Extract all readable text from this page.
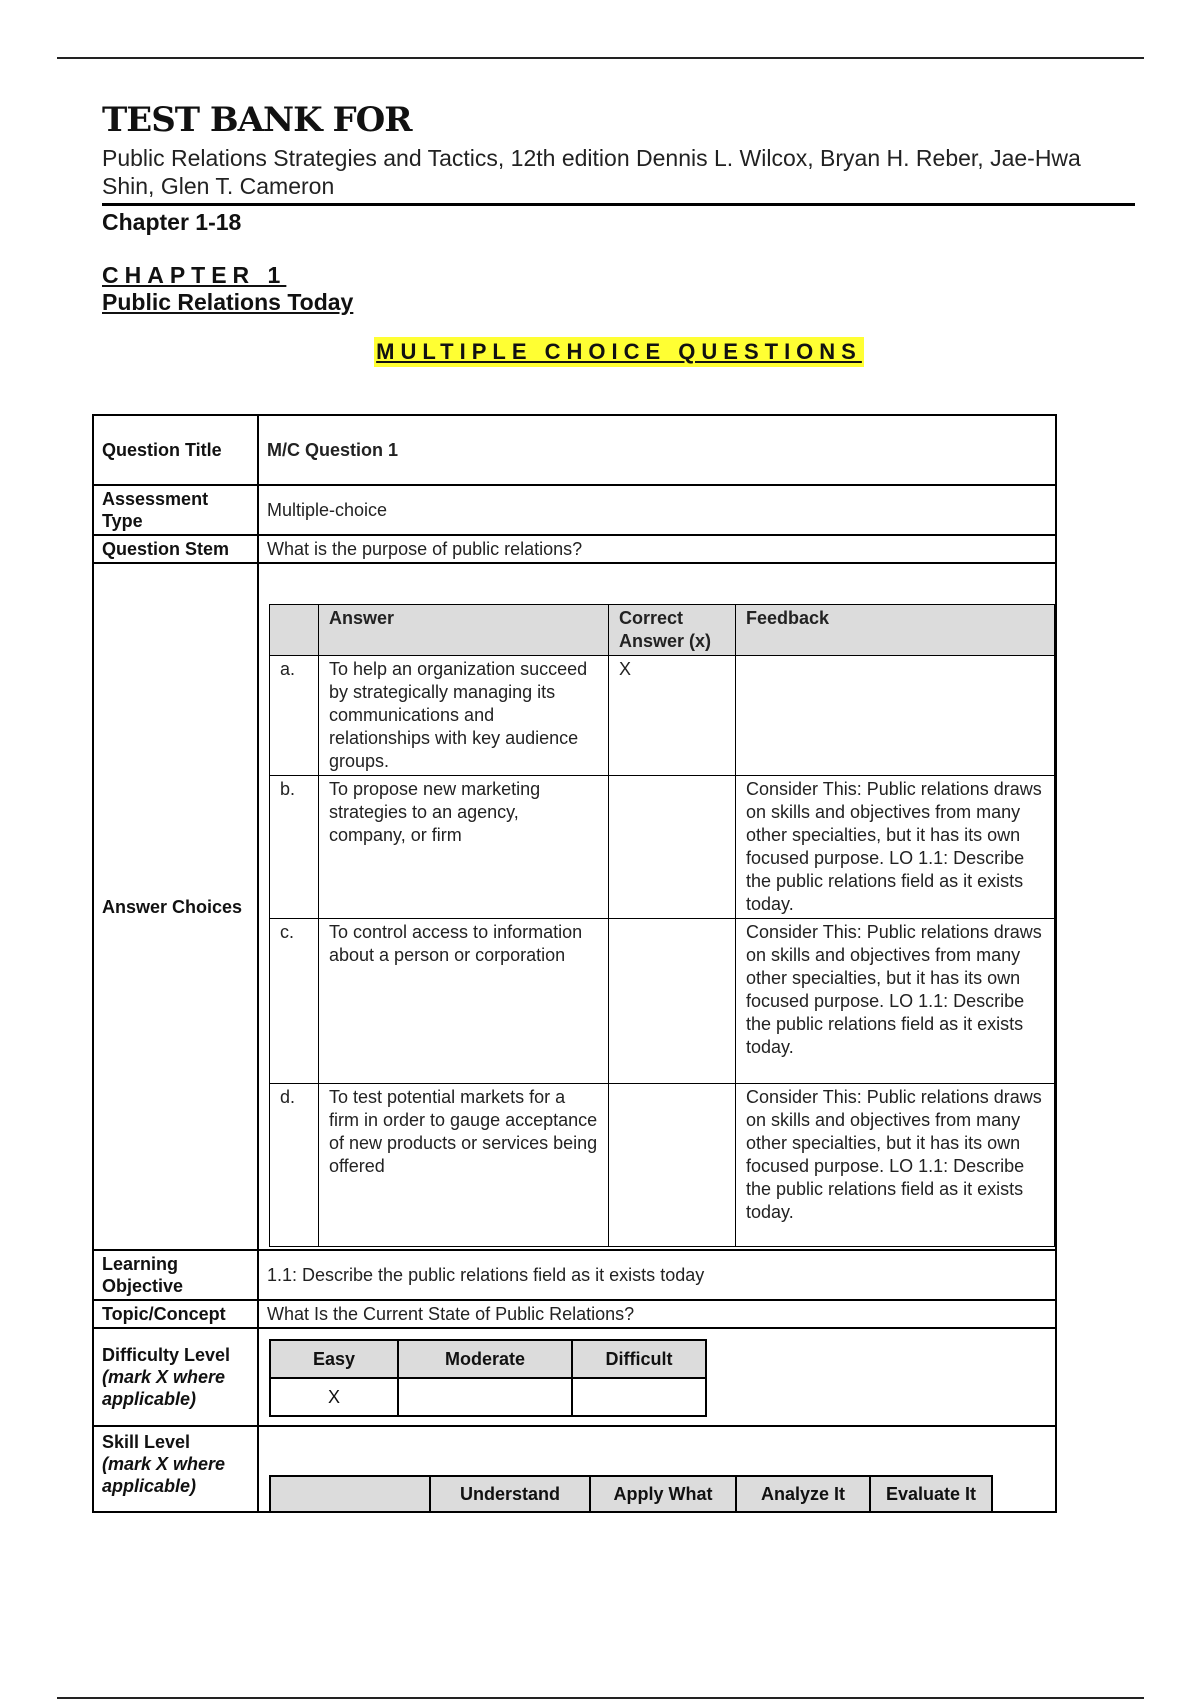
TEST BANK FOR
Public Relations Strategies and Tactics, 12th edition Dennis L. Wilcox, Bryan H. Reber, Jae-Hwa Shin, Glen T. Cameron
Chapter 1-18
CHAPTER 1
Public Relations Today
MULTIPLE CHOICE QUESTIONS
Question Title	M/C Question 1
Assessment Type	Multiple-choice
Question Stem	What is the purpose of public relations?
Answer Choices	
	Answer	Correct Answer (x)	Feedback
a.	To help an organization succeed by strategically managing its communications and relationships with key audience groups.	X	
b.	To propose new marketing strategies to an agency, company, or firm		Consider This: Public relations draws on skills and objectives from many other specialties, but it has its own focused purpose. LO 1.1: Describe the public relations field as it exists today.
c.	To control access to information about a person or corporation		Consider This: Public relations draws on skills and objectives from many other specialties, but it has its own focused purpose. LO 1.1: Describe the public relations field as it exists today.
d.	To test potential markets for a firm in order to gauge acceptance of new products or services being offered		Consider This: Public relations draws on skills and objectives from many other specialties, but it has its own focused purpose. LO 1.1: Describe the public relations field as it exists today.

Learning Objective	1.1: Describe the public relations field as it exists today
Topic/Concept	What Is the Current State of Public Relations?
Difficulty Level
(mark X where applicable)	
Easy	Moderate	Difficult
X		

Skill Level
(mark X where applicable)	
		Understand	Apply What	Analyze It	Evaluate It
